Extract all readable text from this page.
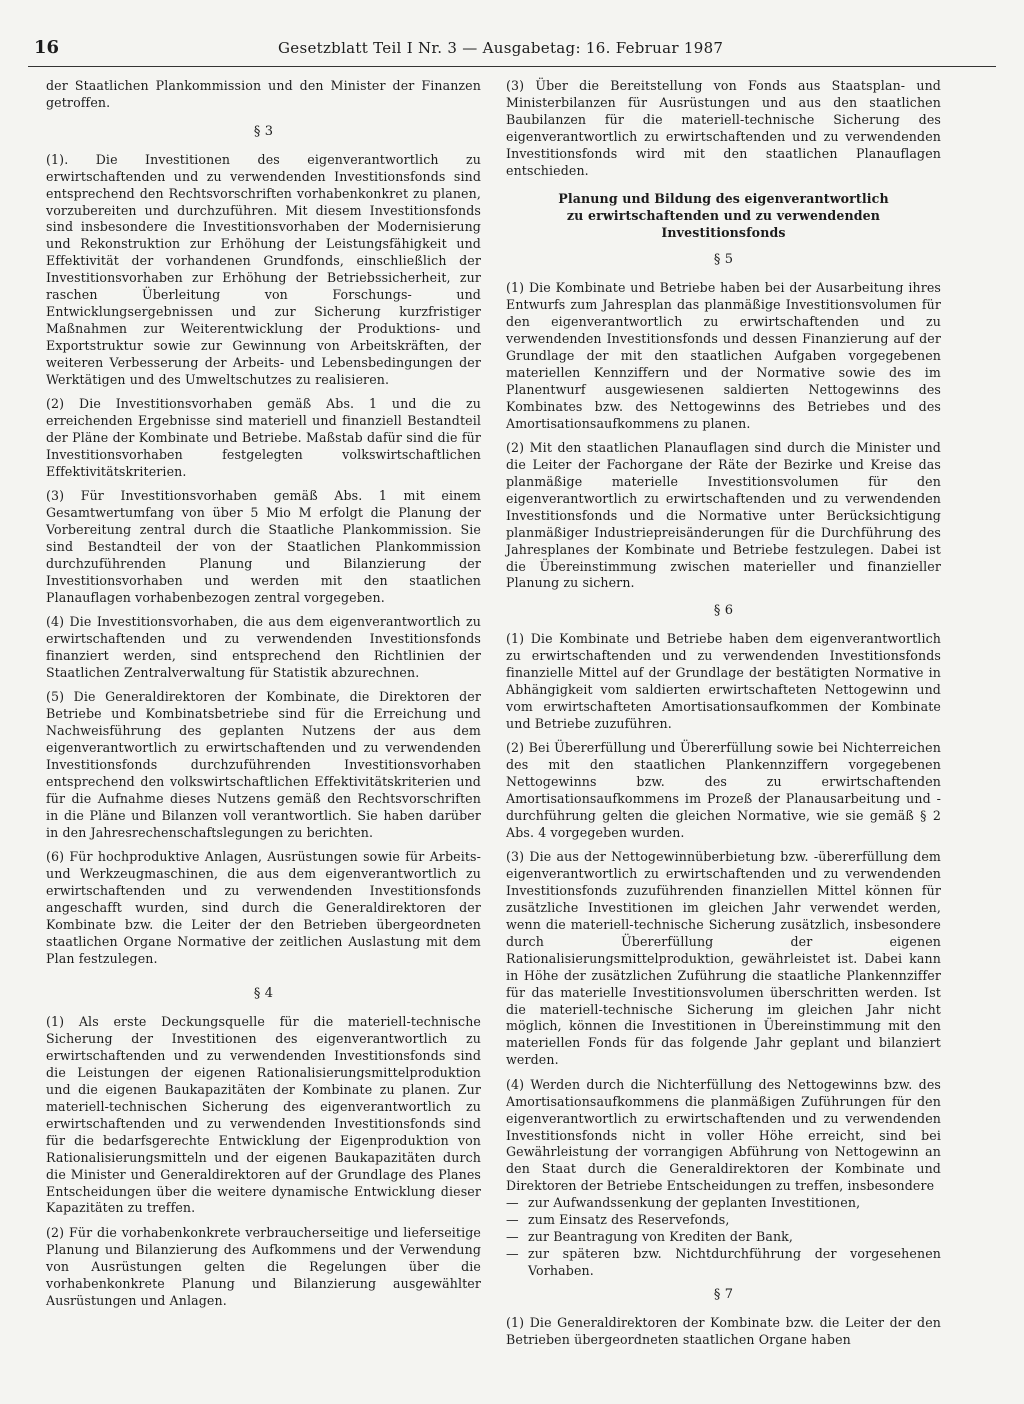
16	Gesetzblatt Teil I Nr. 3 — Ausgabetag: 16. Februar 1987

der Staatlichen Plankommission und den Minister der Finanzen getroffen.

§ 3

(1). Die Investitionen des eigenverantwortlich zu erwirtschaftenden und zu verwendenden Investitionsfonds sind entsprechend den Rechtsvorschriften vorhabenkonkret zu planen, vorzubereiten und durchzuführen. Mit diesem Investitionsfonds sind insbesondere die Investitionsvorhaben der Modernisierung und Rekonstruktion zur Erhöhung der Leistungsfähigkeit und Effektivität der vorhandenen Grundfonds, einschließlich der Investitionsvorhaben zur Erhöhung der Betriebssicherheit, zur raschen Überleitung von Forschungs- und Entwicklungsergebnissen und zur Sicherung kurzfristiger Maßnahmen zur Weiterentwicklung der Produktions- und Exportstruktur sowie zur Gewinnung von Arbeitskräften, der weiteren Verbesserung der Arbeits- und Lebensbedingungen der Werktätigen und des Umweltschutzes zu realisieren.

(2) Die Investitionsvorhaben gemäß Abs. 1 und die zu erreichenden Ergebnisse sind materiell und finanziell Bestandteil der Pläne der Kombinate und Betriebe. Maßstab dafür sind die für Investitionsvorhaben festgelegten volkswirtschaftlichen Effektivitätskriterien.

(3) Für Investitionsvorhaben gemäß Abs. 1 mit einem Gesamtwertumfang von über 5 Mio M erfolgt die Planung der Vorbereitung zentral durch die Staatliche Plankommission. Sie sind Bestandteil der von der Staatlichen Plankommission durchzuführenden Planung und Bilanzierung der Investitionsvorhaben und werden mit den staatlichen Planauflagen vorhabenbezogen zentral vorgegeben.

(4) Die Investitionsvorhaben, die aus dem eigenverantwortlich zu erwirtschaftenden und zu verwendenden Investitionsfonds finanziert werden, sind entsprechend den Richtlinien der Staatlichen Zentralverwaltung für Statistik abzurechnen.

(5) Die Generaldirektoren der Kombinate, die Direktoren der Betriebe und Kombinatsbetriebe sind für die Erreichung und Nachweisführung des geplanten Nutzens der aus dem eigenverantwortlich zu erwirtschaftenden und zu verwendenden Investitionsfonds durchzuführenden Investitionsvorhaben entsprechend den volkswirtschaftlichen Effektivitätskriterien und für die Aufnahme dieses Nutzens gemäß den Rechtsvorschriften in die Pläne und Bilanzen voll verantwortlich. Sie haben darüber in den Jahresrechenschaftslegungen zu berichten.

(6) Für hochproduktive Anlagen, Ausrüstungen sowie für Arbeits- und Werkzeugmaschinen, die aus dem eigenverantwortlich zu erwirtschaftenden und zu verwendenden Investitionsfonds angeschafft wurden, sind durch die Generaldirektoren der Kombinate bzw. die Leiter der den Betrieben übergeordneten staatlichen Organe Normative der zeitlichen Auslastung mit dem Plan festzulegen.

§ 4

(1) Als erste Deckungsquelle für die materiell-technische Sicherung der Investitionen des eigenverantwortlich zu erwirtschaftenden und zu verwendenden Investitionsfonds sind die Leistungen der eigenen Rationalisierungsmittelproduktion und die eigenen Baukapazitäten der Kombinate zu planen. Zur materiell-technischen Sicherung des eigenverantwortlich zu erwirtschaftenden und zu verwendenden Investitionsfonds sind für die bedarfsgerechte Entwicklung der Eigenproduktion von Rationalisierungsmitteln und der eigenen Baukapazitäten durch die Minister und Generaldirektoren auf der Grundlage des Planes Entscheidungen über die weitere dynamische Entwicklung dieser Kapazitäten zu treffen.

(2) Für die vorhabenkonkrete verbraucherseitige und lieferseitige Planung und Bilanzierung des Aufkommens und der Verwendung von Ausrüstungen gelten die Regelungen über die vorhabenkonkrete Planung und Bilanzierung ausgewählter Ausrüstungen und Anlagen.

(3) Über die Bereitstellung von Fonds aus Staatsplan- und Ministerbilanzen für Ausrüstungen und aus den staatlichen Baubilanzen für die materiell-technische Sicherung des eigenverantwortlich zu erwirtschaftenden und zu verwendenden Investitionsfonds wird mit den staatlichen Planauflagen entschieden.

Planung und Bildung des eigenverantwortlich
zu erwirtschaftenden und zu verwendenden
Investitionsfonds
§ 5

(1) Die Kombinate und Betriebe haben bei der Ausarbeitung ihres Entwurfs zum Jahresplan das planmäßige Investitionsvolumen für den eigenverantwortlich zu erwirtschaftenden und zu verwendenden Investitionsfonds und dessen Finanzierung auf der Grundlage der mit den staatlichen Aufgaben vorgegebenen materiellen Kennziffern und der Normative sowie des im Planentwurf ausgewiesenen saldierten Nettogewinns des Kombinates bzw. des Nettogewinns des Betriebes und des Amortisationsaufkommens zu planen.

(2) Mit den staatlichen Planauflagen sind durch die Minister und die Leiter der Fachorgane der Räte der Bezirke und Kreise das planmäßige materielle Investitionsvolumen für den eigenverantwortlich zu erwirtschaftenden und zu verwendenden Investitionsfonds und die Normative unter Berücksichtigung planmäßiger Industriepreisänderungen für die Durchführung des Jahresplanes der Kombinate und Betriebe festzulegen. Dabei ist die Übereinstimmung zwischen materieller und finanzieller Planung zu sichern.

§ 6

(1) Die Kombinate und Betriebe haben dem eigenverantwortlich zu erwirtschaftenden und zu verwendenden Investitionsfonds finanzielle Mittel auf der Grundlage der bestätigten Normative in Abhängigkeit vom saldierten erwirtschafteten Nettogewinn und vom erwirtschafteten Amortisationsaufkommen der Kombinate und Betriebe zuzuführen.

(2) Bei Übererfüllung und Übererfüllung sowie bei Nichterreichen des mit den staatlichen Plankennziffern vorgegebenen Nettogewinns bzw. des zu erwirtschaftenden Amortisationsaufkommens im Prozeß der Planausarbeitung und -durchführung gelten die gleichen Normative, wie sie gemäß § 2 Abs. 4 vorgegeben wurden.

(3) Die aus der Nettogewinnüberbietung bzw. -übererfüllung dem eigenverantwortlich zu erwirtschaftenden und zu verwendenden Investitionsfonds zuzuführenden finanziellen Mittel können für zusätzliche Investitionen im gleichen Jahr verwendet werden, wenn die materiell-technische Sicherung zusätzlich, insbesondere durch Übererfüllung der eigenen Rationalisierungsmittelproduktion, gewährleistet ist. Dabei kann in Höhe der zusätzlichen Zuführung die staatliche Plankennziffer für das materielle Investitionsvolumen überschritten werden. Ist die materiell-technische Sicherung im gleichen Jahr nicht möglich, können die Investitionen in Übereinstimmung mit den materiellen Fonds für das folgende Jahr geplant und bilanziert werden.

(4) Werden durch die Nichterfüllung des Nettogewinns bzw. des Amortisationsaufkommens die planmäßigen Zuführungen für den eigenverantwortlich zu erwirtschaftenden und zu verwendenden Investitionsfonds nicht in voller Höhe erreicht, sind bei Gewährleistung der vorrangigen Abführung von Nettogewinn an den Staat durch die Generaldirektoren der Kombinate und Direktoren der Betriebe Entscheidungen zu treffen, insbesondere

— zur Aufwandssenkung der geplanten Investitionen,
— zum Einsatz des Reservefonds,
— zur Beantragung von Krediten der Bank,
— zur späteren bzw. Nichtdurchführung der vorgesehenen Vorhaben.
§ 7

(1) Die Generaldirektoren der Kombinate bzw. die Leiter der den Betrieben übergeordneten staatlichen Organe haben
